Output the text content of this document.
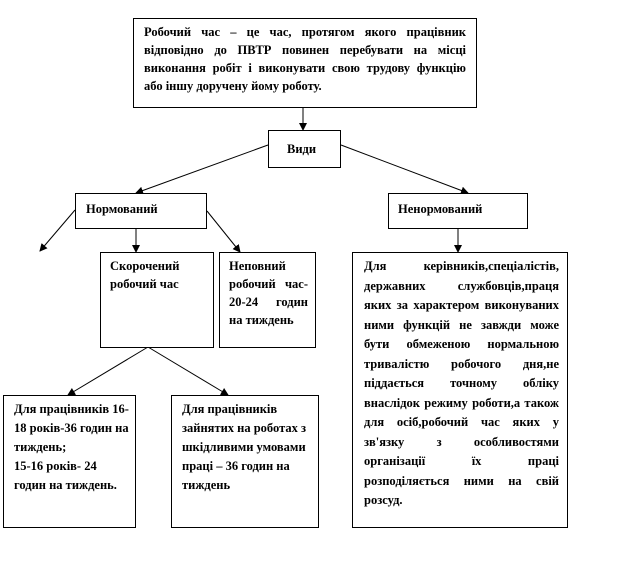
Робочий час – це час, протягом якого працівник відповідно до ПВТР повинен перебувати на місці виконання робіт і виконувати свою трудову функцію або іншу доручену йому роботу.
Види
Нормований	Ненормований
Скорочений робочий час
Неповний робочий час- 20-24 годин на тиждень
Для керівників,спеціалістів, державних службовців,праця яких за характером виконуваних ними функцій не завжди може бути обмеженою нормальною тривалістю робочого дня,не піддається точному обліку внаслідок режиму роботи,а також для осіб,робочий час яких у зв'язку з особливостями організації їх праці розподіляється ними на свій розсуд.
Для працівників 16-18 років-36 годин на тиждень;
15-16 років- 24 годин на тиждень.
Для працівників зайнятих на роботах з шкідливими умовами праці – 36 годин на тиждень
